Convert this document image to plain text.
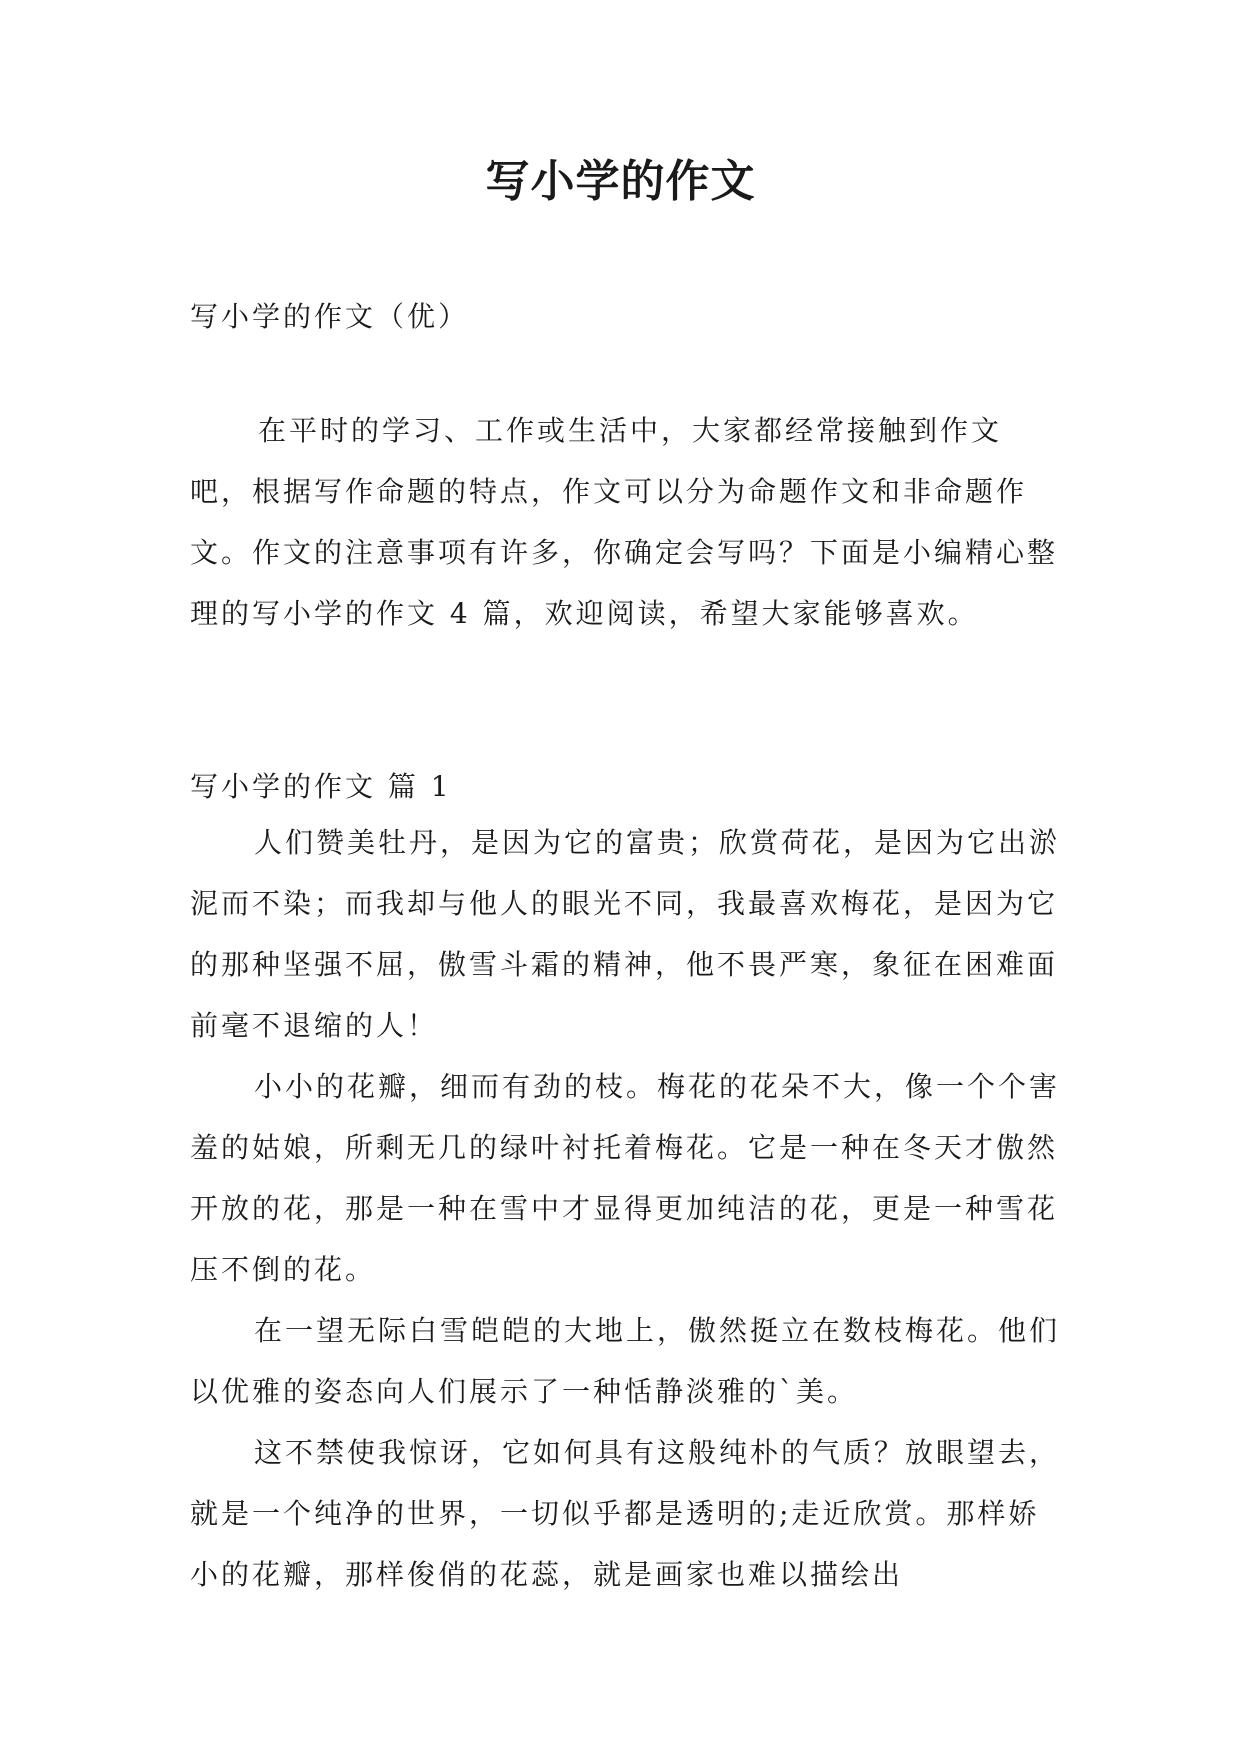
写小学的作文
写小学的作文（优）
在平时的学习、工作或生活中，大家都经常接触到作文吧，根据写作命题的特点，作文可以分为命题作文和非命题作文。作文的注意事项有许多，你确定会写吗？下面是小编精心整理的写小学的作文 4 篇，欢迎阅读，希望大家能够喜欢。
写小学的作文 篇 1

人们赞美牡丹，是因为它的富贵；欣赏荷花，是因为它出淤泥而不染；而我却与他人的眼光不同，我最喜欢梅花，是因为它的那种坚强不屈，傲雪斗霜的精神，他不畏严寒，象征在困难面前毫不退缩的人！

小小的花瓣，细而有劲的枝。梅花的花朵不大，像一个个害羞的姑娘，所剩无几的绿叶衬托着梅花。它是一种在冬天才傲然开放的花，那是一种在雪中才显得更加纯洁的花，更是一种雪花压不倒的花。

在一望无际白雪皑皑的大地上，傲然挺立在数枝梅花。他们以优雅的姿态向人们展示了一种恬静淡雅的`美。

这不禁使我惊讶，它如何具有这般纯朴的气质？放眼望去，就是一个纯净的世界，一切似乎都是透明的;走近欣赏。那样娇小的花瓣，那样俊俏的花蕊，就是画家也难以描绘出
